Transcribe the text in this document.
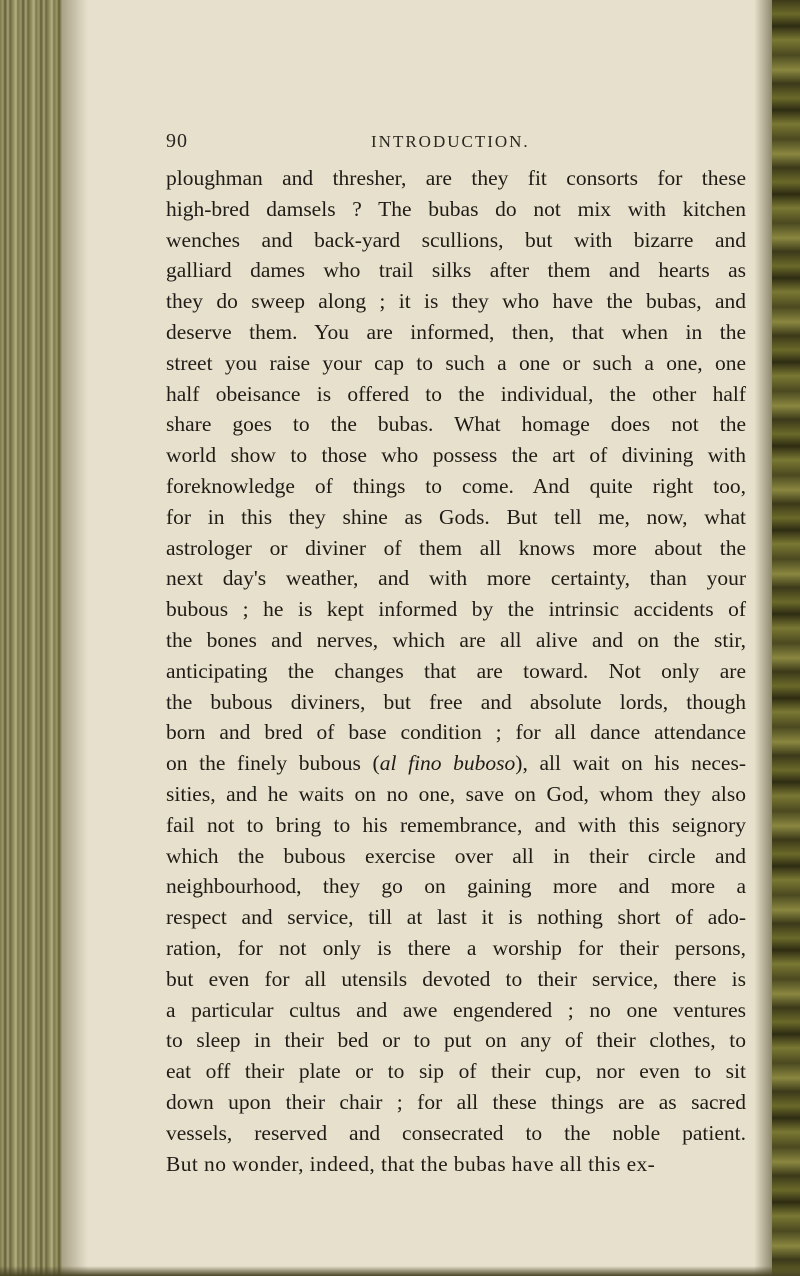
90	INTRODUCTION.
ploughman and thresher, are they fit consorts for these
high-bred damsels ? The bubas do not mix with kitchen
wenches and back-yard scullions, but with bizarre and
galliard dames who trail silks after them and hearts as
they do sweep along ; it is they who have the bubas, and
deserve them. You are informed, then, that when in the
street you raise your cap to such a one or such a one, one
half obeisance is offered to the individual, the other half
share goes to the bubas. What homage does not the
world show to those who possess the art of divining with
foreknowledge of things to come. And quite right too,
for in this they shine as Gods. But tell me, now, what
astrologer or diviner of them all knows more about the
next day's weather, and with more certainty, than your
bubous ; he is kept informed by the intrinsic accidents of
the bones and nerves, which are all alive and on the stir,
anticipating the changes that are toward. Not only are
the bubous diviners, but free and absolute lords, though
born and bred of base condition ; for all dance attendance
on the finely bubous (al fino buboso), all wait on his neces-
sities, and he waits on no one, save on God, whom they also
fail not to bring to his remembrance, and with this seignory
which the bubous exercise over all in their circle and
neighbourhood, they go on gaining more and more a
respect and service, till at last it is nothing short of ado-
ration, for not only is there a worship for their persons,
but even for all utensils devoted to their service, there is
a particular cultus and awe engendered ; no one ventures
to sleep in their bed or to put on any of their clothes, to
eat off their plate or to sip of their cup, nor even to sit
down upon their chair ; for all these things are as sacred
vessels, reserved and consecrated to the noble patient.
But no wonder, indeed, that the bubas have all this ex-
